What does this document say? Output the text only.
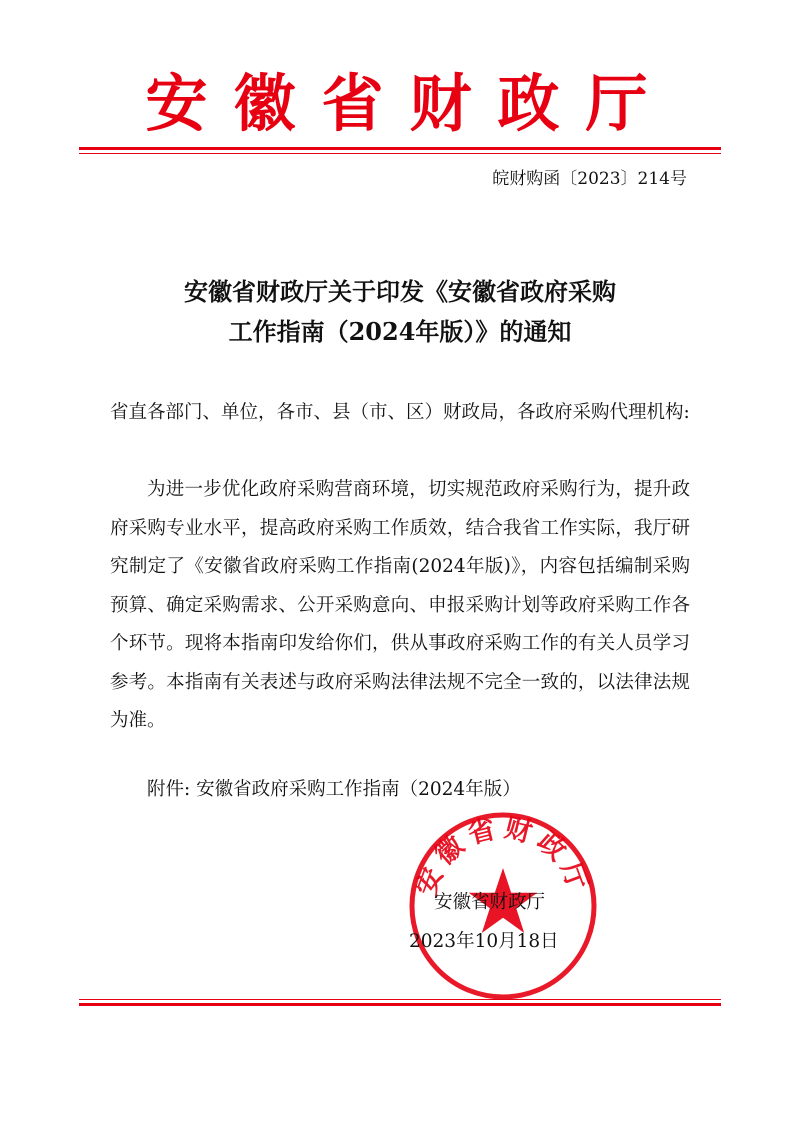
安徽省财政厅
皖财购函〔2023〕214号
安徽省财政厅关于印发《安徽省政府采购
工作指南（2024年版）》的通知
省直各部门、单位，各市、县（市、区）财政局，各政府采购代理机构:
为进一步优化政府采购营商环境，切实规范政府采购行为，提升政府采购专业水平，提高政府采购工作质效，结合我省工作实际，我厅研究制定了《安徽省政府采购工作指南(2024年版)》，内容包括编制采购预算、确定采购需求、公开采购意向、申报采购计划等政府采购工作各个环节。现将本指南印发给你们，供从事政府采购工作的有关人员学习参考。本指南有关表述与政府采购法律法规不完全一致的，以法律法规为准。
附件: 安徽省政府采购工作指南（2024年版）
安徽省财政厅
安徽省财政厅
2023年10月18日
